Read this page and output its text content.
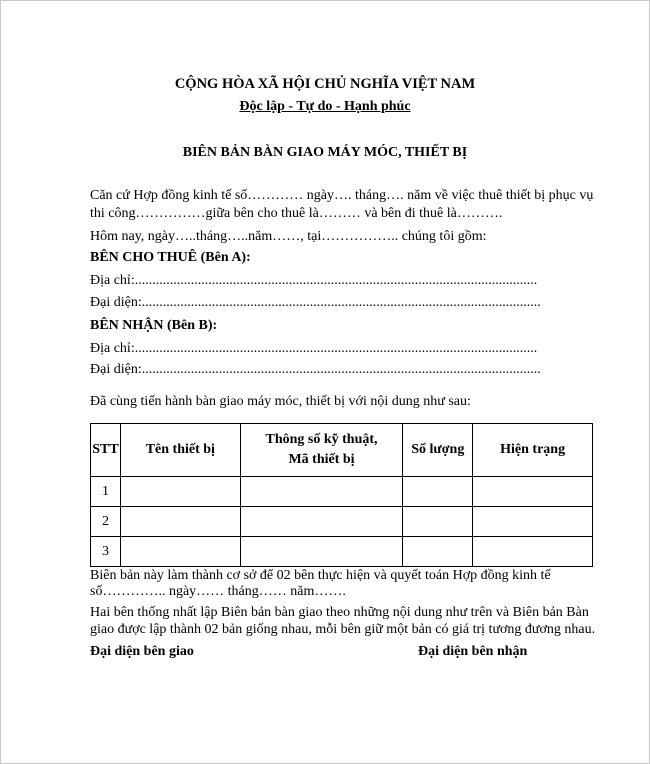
CỘNG HÒA XÃ HỘI CHỦ NGHĨA VIỆT NAM
Độc lập - Tự do - Hạnh phúc
BIÊN BẢN BÀN GIAO MÁY MÓC, THIẾT BỊ
Căn cứ Hợp đồng kinh tế số………… ngày…. tháng…. năm về việc thuê thiết bị phục vụ
thi công……………giữa bên cho thuê là……… và bên đi thuê là……….
Hôm nay, ngày…..tháng…..năm……, tại…………….. chúng tôi gồm:
BÊN CHO THUÊ (Bên A):
Địa chỉ:...................................................................................................................
Đại diện:..................................................................................................................
BÊN NHẬN (Bên B):
Địa chỉ:...................................................................................................................
Đại diện:..................................................................................................................
Đã cùng tiến hành bàn giao máy móc, thiết bị với nội dung như sau:
STT	Tên thiết bị	Thông số kỹ thuật,
Mã thiết bị	Số lượng	Hiện trạng
1				
2				
3				
Biên bản này làm thành cơ sở để 02 bên thực hiện và quyết toán Hợp đồng kinh tế
số………….. ngày…… tháng…… năm…….
Hai bên thống nhất lập Biên bản bàn giao theo những nội dung như trên và Biên bản Bàn
giao được lập thành 02 bản giống nhau, mỗi bên giữ một bản có giá trị tương đương nhau.
Đại diện bên giao	Đại diện bên nhận
